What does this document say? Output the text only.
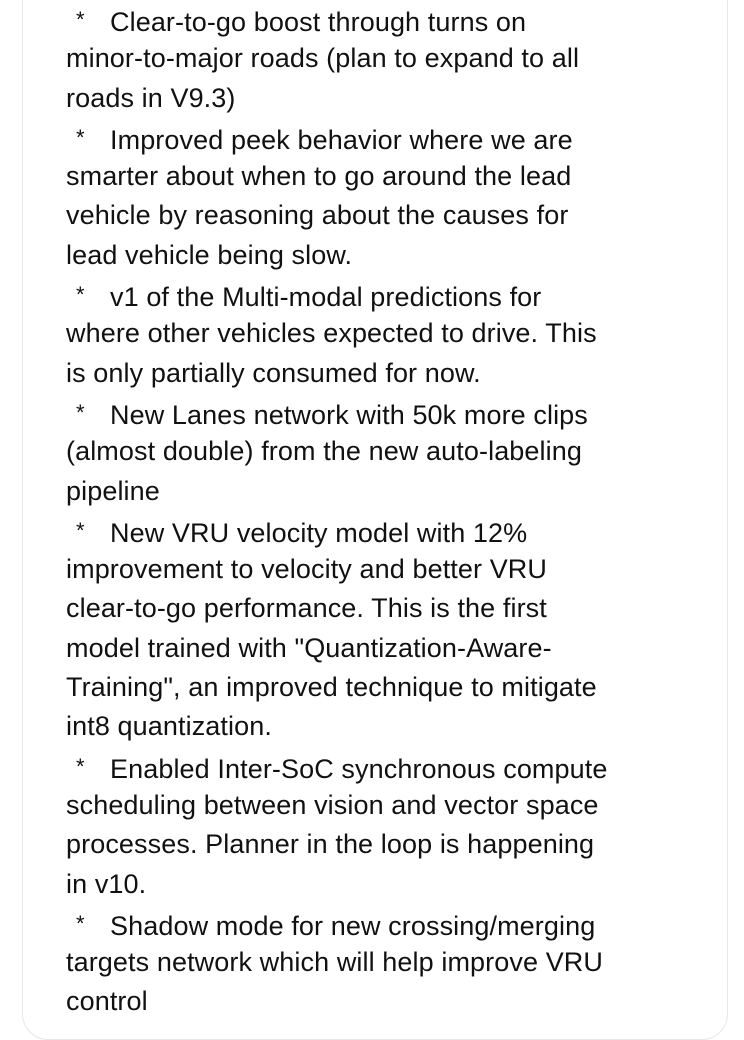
* Clear-to-go boost through turns on
minor-to-major roads (plan to expand to all
roads in V9.3)
* Improved peek behavior where we are
smarter about when to go around the lead
vehicle by reasoning about the causes for
lead vehicle being slow.
* v1 of the Multi-modal predictions for
where other vehicles expected to drive. This
is only partially consumed for now.
* New Lanes network with 50k more clips
(almost double) from the new auto-labeling
pipeline
* New VRU velocity model with 12%
improvement to velocity and better VRU
clear-to-go performance. This is the first
model trained with "Quantization-Aware-
Training", an improved technique to mitigate
int8 quantization.
* Enabled Inter-SoC synchronous compute
scheduling between vision and vector space
processes. Planner in the loop is happening
in v10.
* Shadow mode for new crossing/merging
targets network which will help improve VRU
control
